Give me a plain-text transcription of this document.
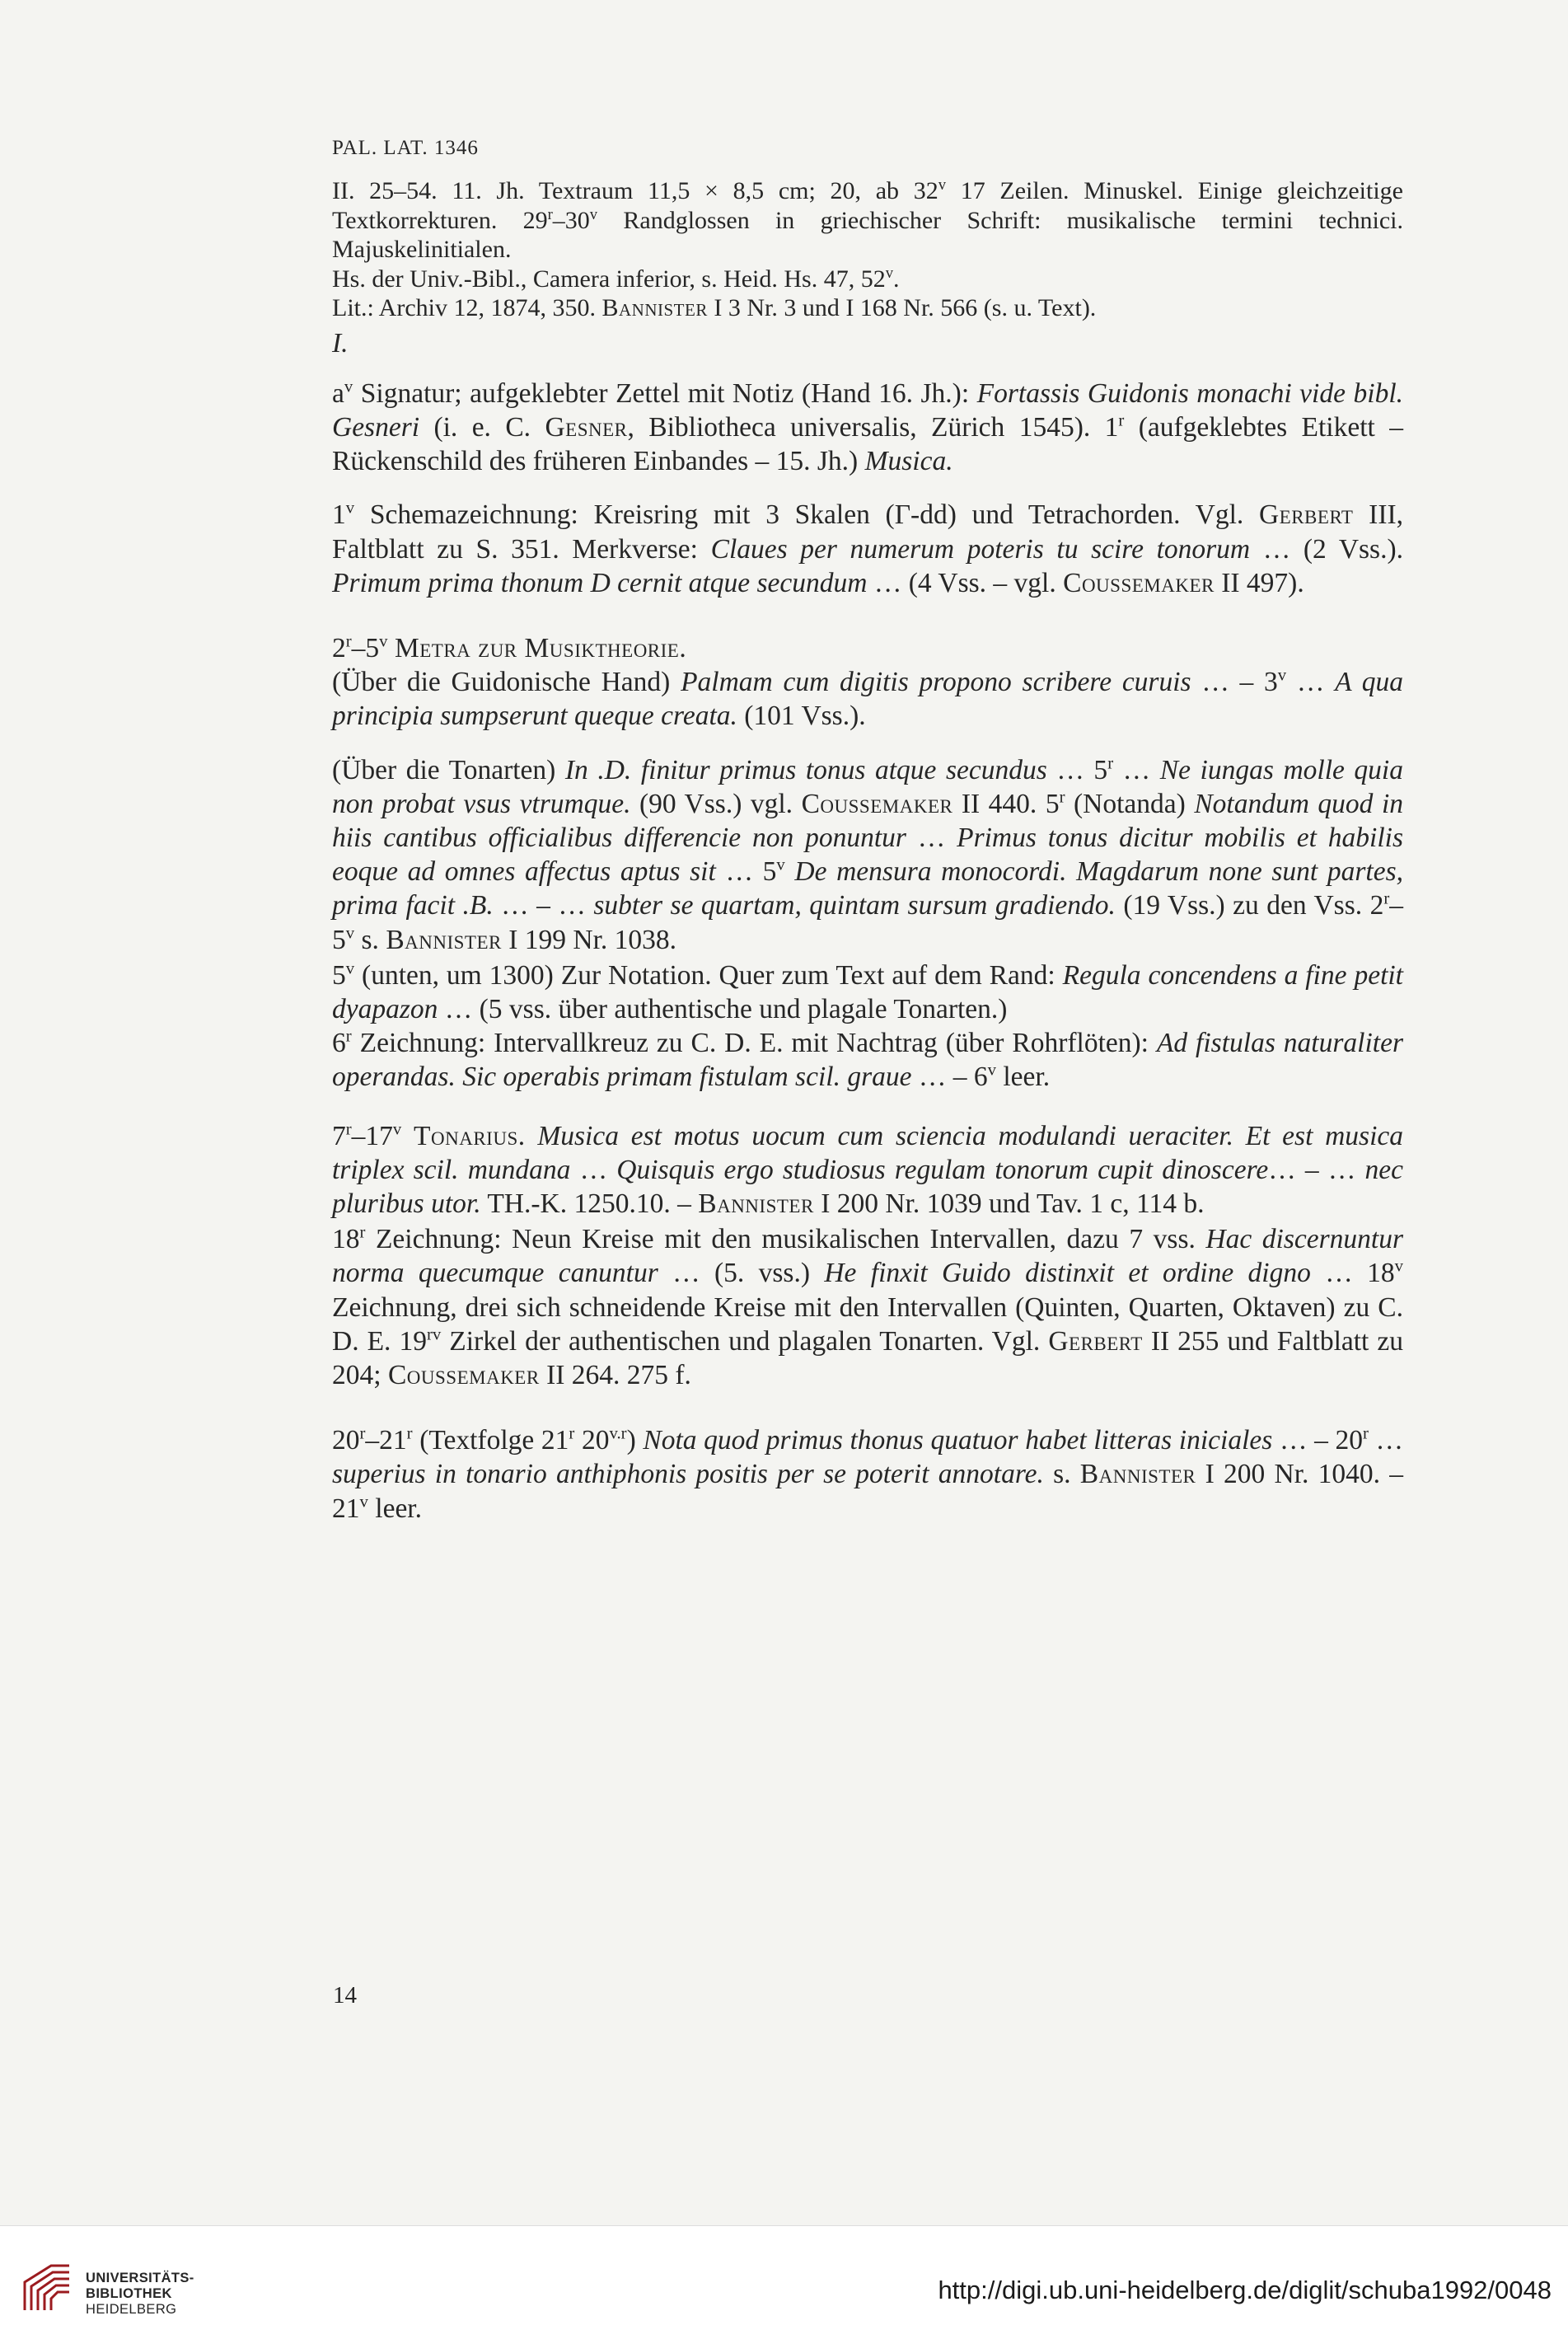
PAL. LAT. 1346

II. 25–54. 11. Jh. Textraum 11,5 × 8,5 cm; 20, ab 32$^v$ 17 Zeilen. Minuskel. Einige gleichzeitige Textkorrekturen. 29$^r$–30$^v$ Randglossen in griechischer Schrift: musikalische termini technici. Majuskelinitialen.

Hs. der Univ.-Bibl., Camera inferior, s. Heid. Hs. 47, 52$^v$.

Lit.: Archiv 12, 1874, 350. Bannister I 3 Nr. 3 und I 168 Nr. 566 (s. u. Text).

I.

$a^v$ Signatur; aufgeklebter Zettel mit Notiz (Hand 16. Jh.): Fortassis Guidonis monachi vide bibl. Gesneri (i. e. C. Gesner, Bibliotheca universalis, Zürich 1545). 1$^r$ (aufgeklebtes Etikett – Rückenschild des früheren Einbandes – 15. Jh.) Musica.

1$^v$ Schemazeichnung: Kreisring mit 3 Skalen (Γ-dd) und Tetrachorden. Vgl. Gerbert III, Faltblatt zu S. 351. Merkverse: Claues per numerum poteris tu scire tonorum … (2 Vss.). Primum prima thonum D cernit atque secundum … (4 Vss. – vgl. Coussemaker II 497).

2$^r$–5$^v$ Metra zur Musiktheorie.

(Über die Guidonische Hand) Palmam cum digitis propono scribere curuis … – 3$^v$ … A qua principia sumpserunt queque creata. (101 Vss.).

(Über die Tonarten) In .D. finitur primus tonus atque secundus … 5$^r$ … Ne iungas molle quia non probat vsus vtrumque. (90 Vss.) vgl. Coussemaker II 440. 5$^r$ (Notanda) Notandum quod in hiis cantibus officialibus differencie non ponuntur … Primus tonus dicitur mobilis et habilis eoque ad omnes affectus aptus sit … 5$^v$ De mensura monocordi. Magdarum none sunt partes, prima facit .B. … – … subter se quartam, quintam sursum gradiendo. (19 Vss.) zu den Vss. 2$^r$–5$^v$ s. Bannister I 199 Nr. 1038.

5$^v$ (unten, um 1300) Zur Notation. Quer zum Text auf dem Rand: Regula concendens a fine petit dyapazon … (5 vss. über authentische und plagale Tonarten.)

6$^r$ Zeichnung: Intervallkreuz zu C. D. E. mit Nachtrag (über Rohrflöten): Ad fistulas naturaliter operandas. Sic operabis primam fistulam scil. graue … – 6$^v$ leer.

7$^r$–17$^v$ Tonarius. Musica est motus uocum cum sciencia modulandi ueraciter. Et est musica triplex scil. mundana … Quisquis ergo studiosus regulam tonorum cupit dinoscere… – … nec pluribus utor. TH.-K. 1250.10. – Bannister I 200 Nr. 1039 und Tav. 1 c, 114 b.

18$^r$ Zeichnung: Neun Kreise mit den musikalischen Intervallen, dazu 7 vss. Hac discernuntur norma quecumque canuntur … (5. vss.) He finxit Guido distinxit et ordine digno … 18$^v$ Zeichnung, drei sich schneidende Kreise mit den Intervallen (Quinten, Quarten, Oktaven) zu C. D. E. $19^{rv}$ Zirkel der authentischen und plagalen Tonarten. Vgl. Gerbert II 255 und Faltblatt zu 204; Coussemaker II 264. 275 f.

20$^r$–21$^r$ (Textfolge 21$^r$ $20^{v.r}$) Nota quod primus thonus quatuor habet litteras iniciales … – 20$^r$ … superius in tonario anthiphonis positis per se poterit annotare. s. Bannister I 200 Nr. 1040. – 21$^v$ leer.

14
UNIVERSITÄTS-
BIBLIOTHEK
HEIDELBERG
http://digi.ub.uni-heidelberg.de/diglit/schuba1992/0048
